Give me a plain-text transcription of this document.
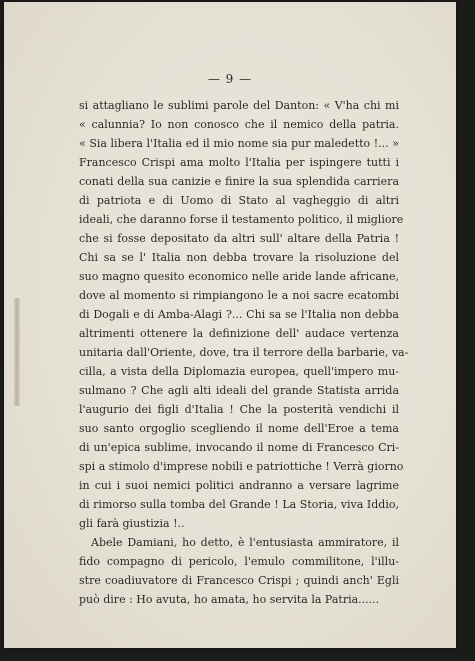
— 9 —
si attagliano le sublimi parole del Danton: « V'ha chi mi
« calunnia? Io non conosco che il nemico della patria.
« Sia libera l'Italia ed il mio nome sia pur maledetto !... »
Francesco Crispi ama molto l'Italia per ispingere tutti i
conati della sua canizie e finire la sua splendida carriera
di patriota e di Uomo di Stato al vagheggio di altri
ideali, che daranno forse il testamento politico, il migliore
che si fosse depositato da altri sull' altare della Patria !
Chi sa se l' Italia non debba trovare la risoluzione del
suo magno quesito economico nelle aride lande africane,
dove al momento si rimpiangono le a noi sacre ecatombi
di Dogali e di Amba-Alagi ?... Chi sa se l'Italia non debba
altrimenti ottenere la definizione dell' audace vertenza
unitaria dall'Oriente, dove, tra il terrore della barbarie, va-
cilla, a vista della Diplomazia europea, quell'impero mu-
sulmano ? Che agli alti ideali del grande Statista arrida
l'augurio dei figli d'Italia ! Che la posterità vendichi il
suo santo orgoglio scegliendo il nome dell'Eroe a tema
di un'epica sublime, invocando il nome di Francesco Cri-
spi a stimolo d'imprese nobili e patriottiche ! Verrà giorno
in cui i suoi nemici politici andranno a versare lagrime
di rimorso sulla tomba del Grande ! La Storia, viva Iddio,
gli farà giustizia !..
Abele Damiani, ho detto, è l'entusiasta ammiratore, il
fido compagno di pericolo, l'emulo commilitone, l'illu-
stre coadiuvatore di Francesco Crispi ; quindi anch' Egli
può dire : Ho avuta, ho amata, ho servita la Patria......
